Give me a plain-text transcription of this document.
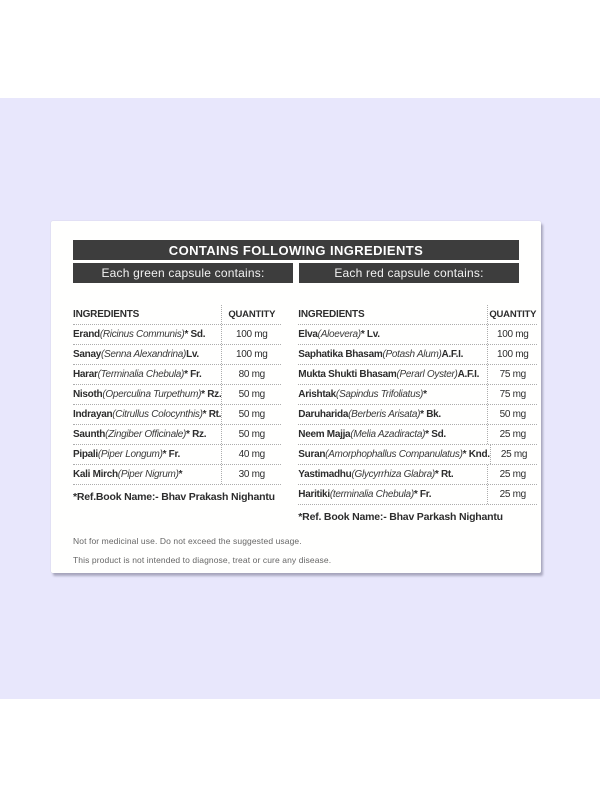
CONTAINS FOLLOWING INGREDIENTS
Each green capsule contains:	Each red capsule contains:
INGREDIENTS	QUANTITY
Erand (Ricinus Communis) * Sd.	100 mg
Sanay (Senna Alexandrina) Lv.	100 mg
Harar (Terminalia Chebula) * Fr.	80 mg
Nisoth (Operculina Turpethum) * Rz.	50 mg
Indrayan (Citrullus Colocynthis) * Rt.	50 mg
Saunth (Zingiber Officinale) * Rz.	50 mg
Pipali (Piper Longum) * Fr.	40 mg
Kali Mirch (Piper Nigrum) *	30 mg
*Ref.Book Name:- Bhav Prakash Nighantu
INGREDIENTS	QUANTITY
Elva (Aloevera) * Lv.	100 mg
Saphatika Bhasam (Potash Alum) A.F.I.	100 mg
Mukta Shukti Bhasam (Perarl Oyster) A.F.I.	75 mg
Arishtak (Sapindus Trifoliatus) *	75 mg
Daruharida (Berberis Arisata) * Bk.	50 mg
Neem Majja (Melia Azadiracta) * Sd.	25 mg
Suran (Amorphophallus Companulatus) * Knd.	25 mg
Yastimadhu (Glycyrrhiza Glabra) * Rt.	25 mg
Haritiki (terminalia Chebula) * Fr.	25 mg
*Ref. Book Name:- Bhav Parkash Nighantu
Not for medicinal use. Do not exceed the suggested usage.
This product is not intended to diagnose, treat or cure any disease.
